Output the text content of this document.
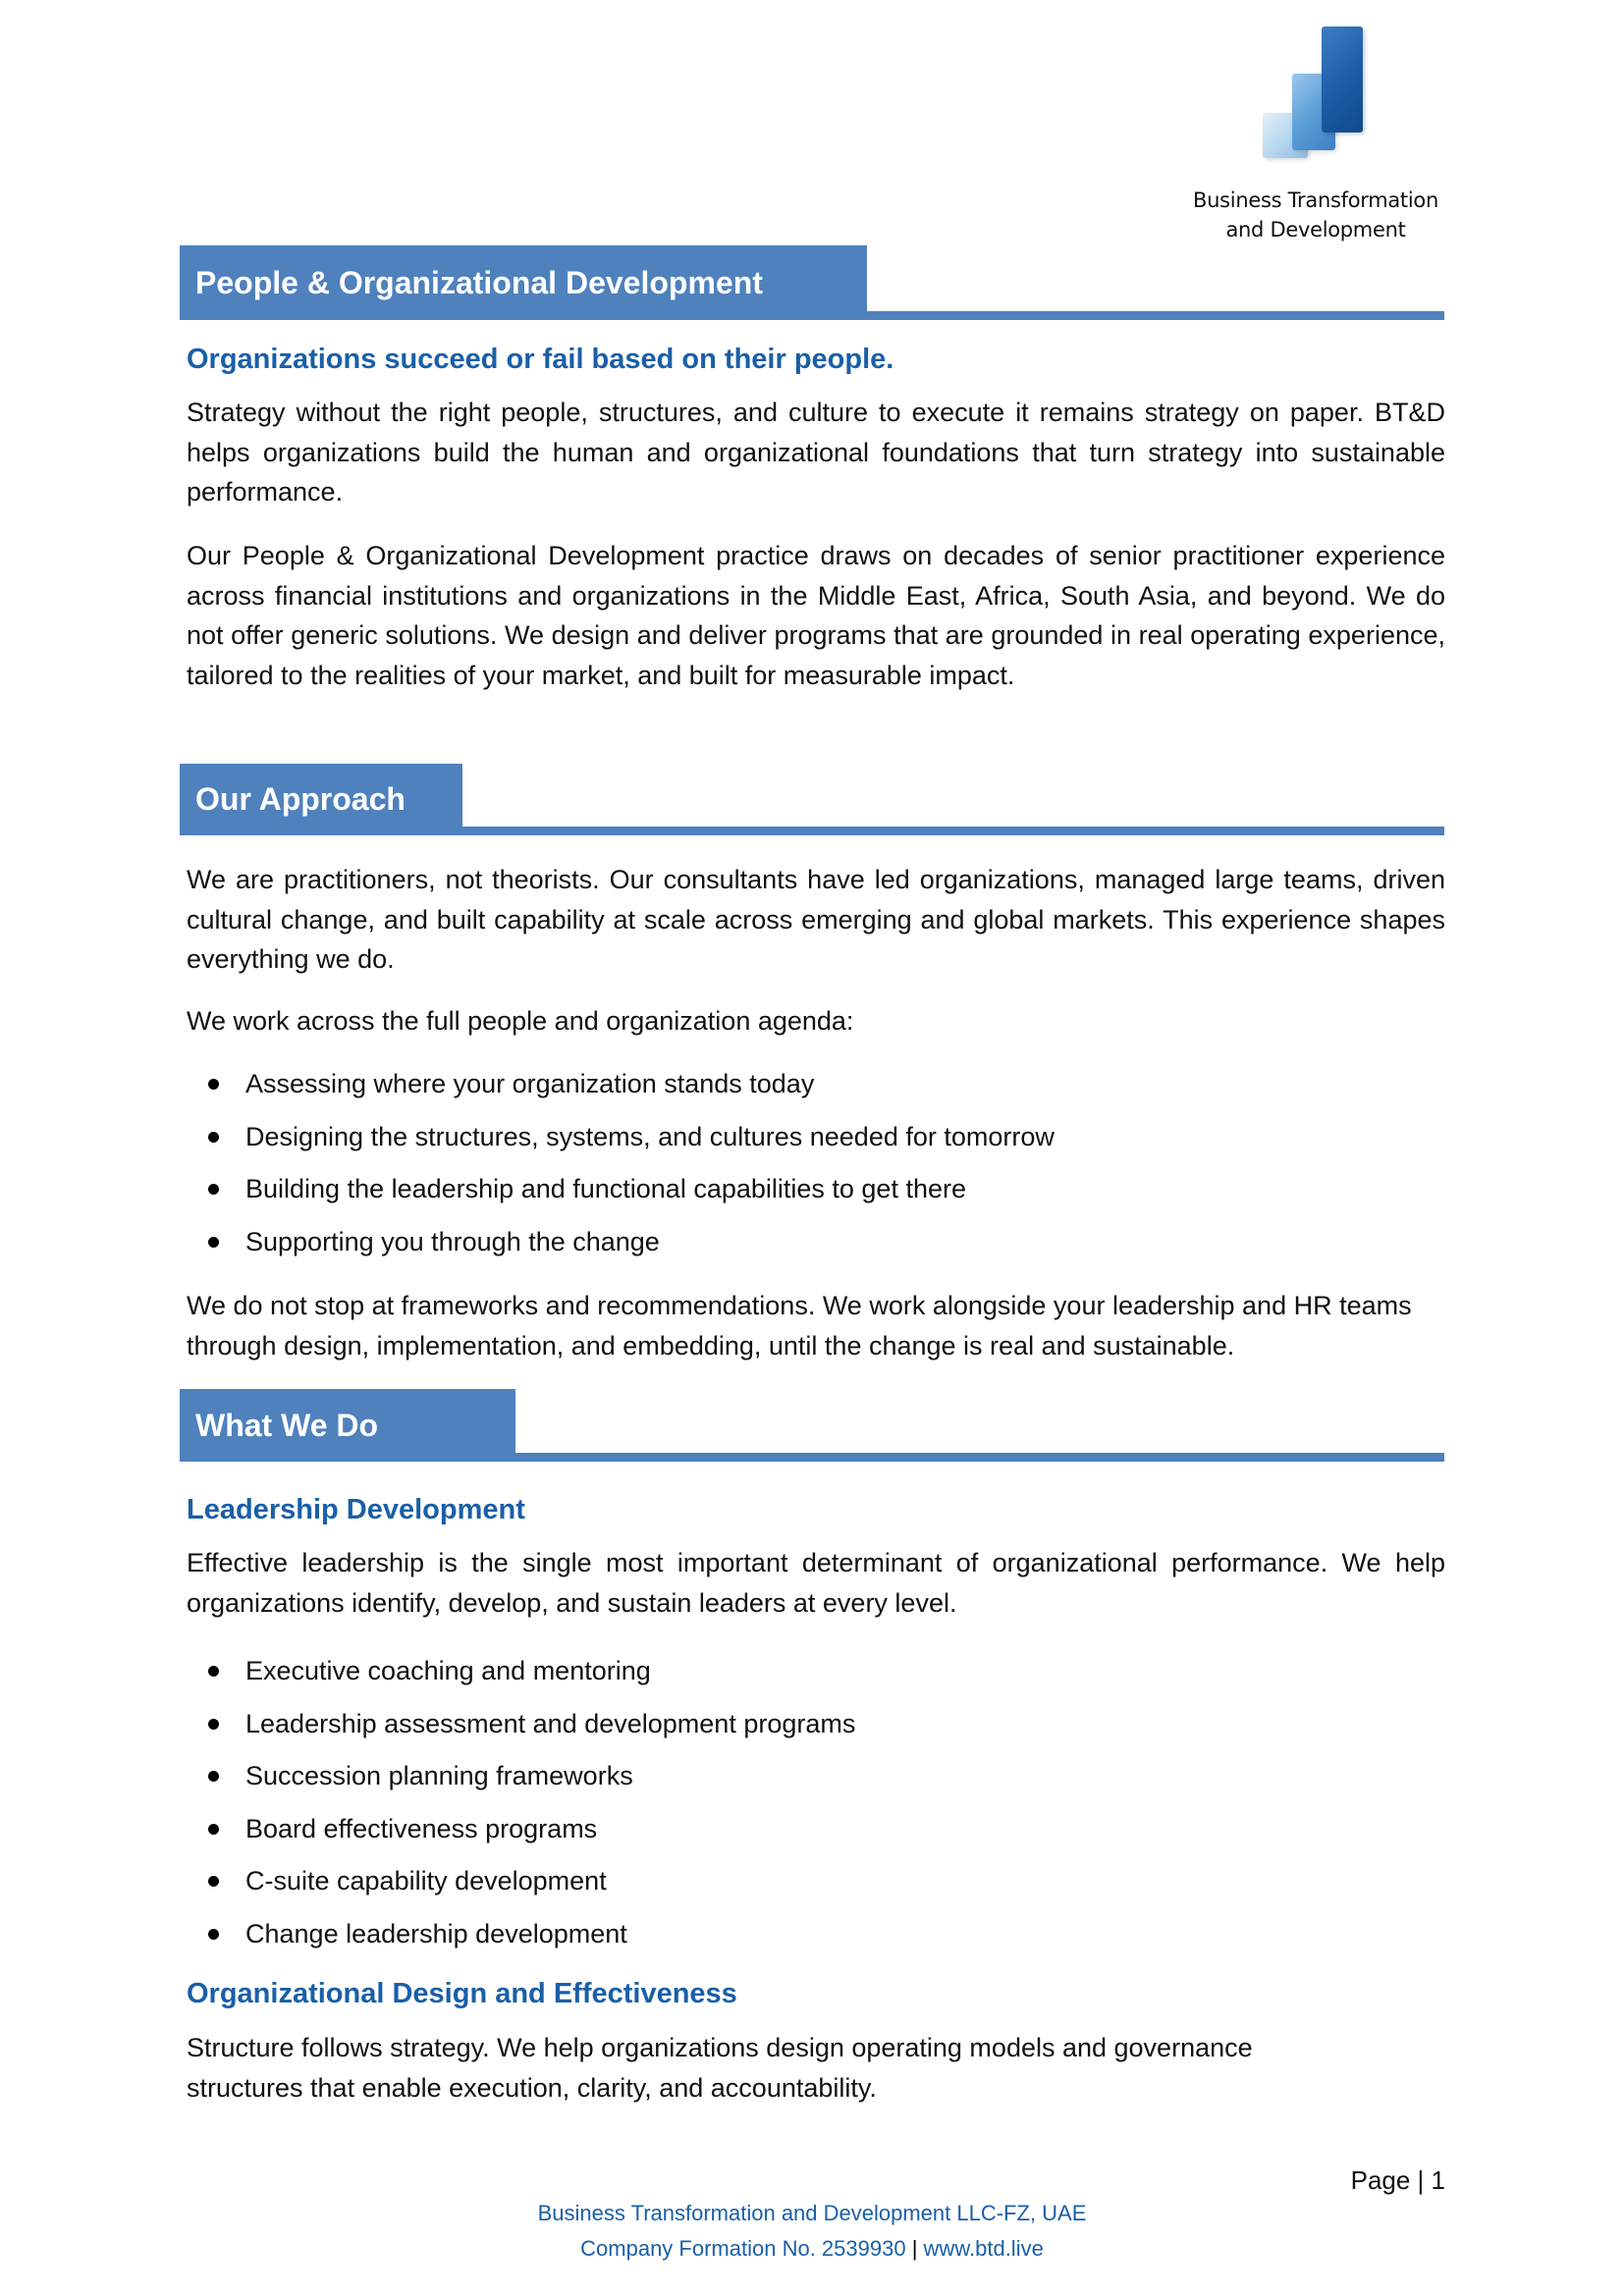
Business Transformation
and Development
People & Organizational Development
Organizations succeed or fail based on their people.

Strategy without the right people, structures, and culture to execute it remains strategy on paper. BT&D helps organizations build the human and organizational foundations that turn strategy into sustainable performance.

Our People & Organizational Development practice draws on decades of senior practitioner experience across financial institutions and organizations in the Middle East, Africa, South Asia, and beyond. We do not offer generic solutions. We design and deliver programs that are grounded in real operating experience, tailored to the realities of your market, and built for measurable impact.

Our Approach

We are practitioners, not theorists. Our consultants have led organizations, managed large teams, driven cultural change, and built capability at scale across emerging and global markets. This experience shapes everything we do.

We work across the full people and organization agenda:

Assessing where your organization stands today
Designing the structures, systems, and cultures needed for tomorrow
Building the leadership and functional capabilities to get there
Supporting you through the change

We do not stop at frameworks and recommendations. We work alongside your leadership and HR teams through design, implementation, and embedding, until the change is real and sustainable.

What We Do
Leadership Development

Effective leadership is the single most important determinant of organizational performance. We help organizations identify, develop, and sustain leaders at every level.

Executive coaching and mentoring
Leadership assessment and development programs
Succession planning frameworks
Board effectiveness programs
C-suite capability development
Change leadership development
Organizational Design and Effectiveness

Structure follows strategy. We help organizations design operating models and governance structures that enable execution, clarity, and accountability.

Page | 1
Business Transformation and Development LLC-FZ, UAE
Company Formation No. 2539930 | www.btd.live
